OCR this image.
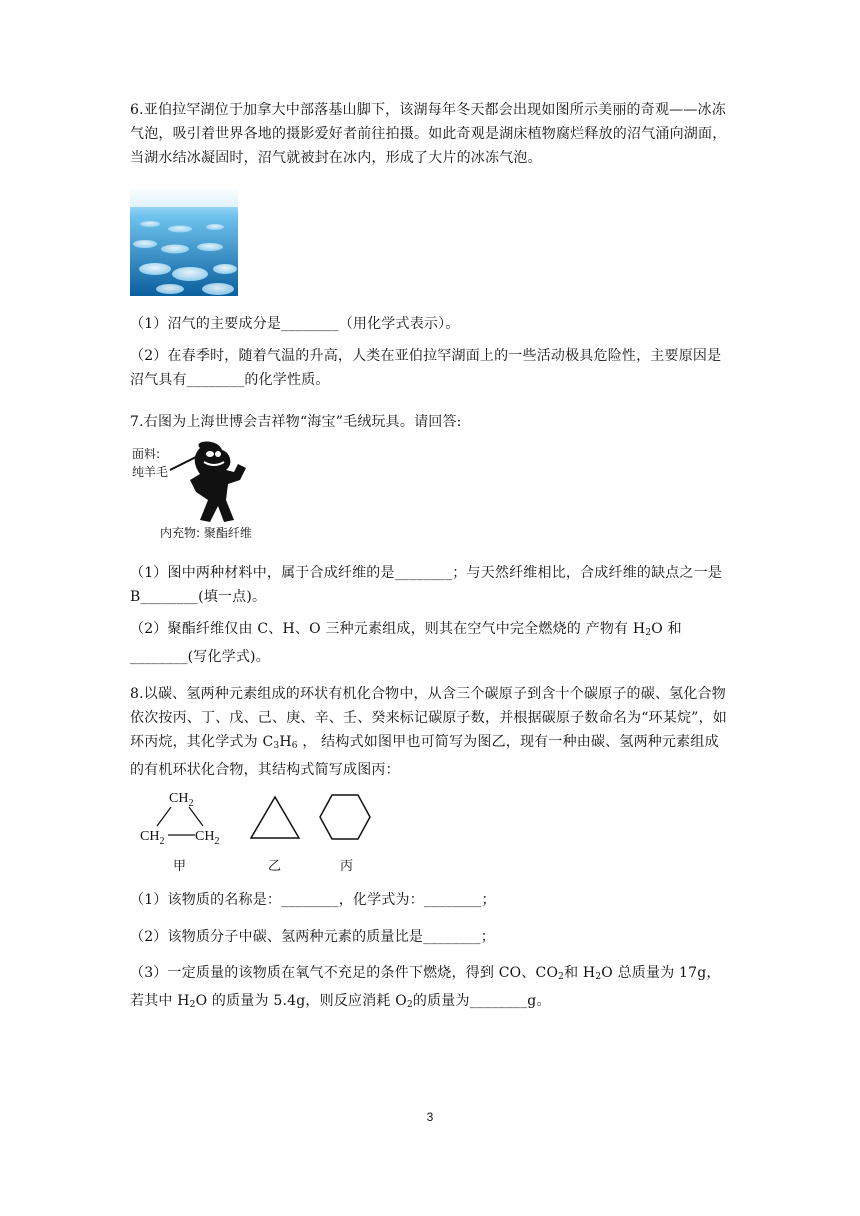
6.亚伯拉罕湖位于加拿大中部落基山脚下，该湖每年冬天都会出现如图所示美丽的奇观——冰冻气泡，吸引着世界各地的摄影爱好者前往拍摄。如此奇观是湖床植物腐烂释放的沼气涌向湖面，当湖水结冰凝固时，沼气就被封在冰内，形成了大片的冰冻气泡。
（1）沼气的主要成分是________（用化学式表示）。
（2）在春季时，随着气温的升高，人类在亚伯拉罕湖面上的一些活动极具危险性，主要原因是沼气具有________的化学性质。
7.右图为上海世博会吉祥物“海宝”毛绒玩具。请回答:
面料:
纯羊毛
内充物: 聚酯纤维
（1）图中两种材料中，属于合成纤维的是________；与天然纤维相比，合成纤维的缺点之一是 B________(填一点)。
（2）聚酯纤维仅由 C、H、O 三种元素组成，则其在空气中完全燃烧的 产物有 $H_2O$ 和
________(写化学式)。
8.以碳、氢两种元素组成的环状有机化合物中，从含三个碳原子到含十个碳原子的碳、氢化合物依次按丙、丁、戊、己、庚、辛、壬、癸来标记碳原子数，并根据碳原子数命名为“环某烷”，如环丙烷，其化学式为 $C_3H_6$ ， 结构式如图甲也可简写为图乙，现有一种由碳、氢两种元素组成的有机环状化合物，其结构式简写成图丙：
$CH_2$
$CH_2$ $CH_2$
甲	乙	丙
（1）该物质的名称是：________，化学式为：________；
（2）该物质分子中碳、氢两种元素的质量比是________；
（3）一定质量的该物质在氧气不充足的条件下燃烧，得到 CO、$CO_2$和 $H_2O$ 总质量为 17g，若其中 $H_2O$ 的质量为 5.4g，则反应消耗 $O_2$的质量为________g。
3
